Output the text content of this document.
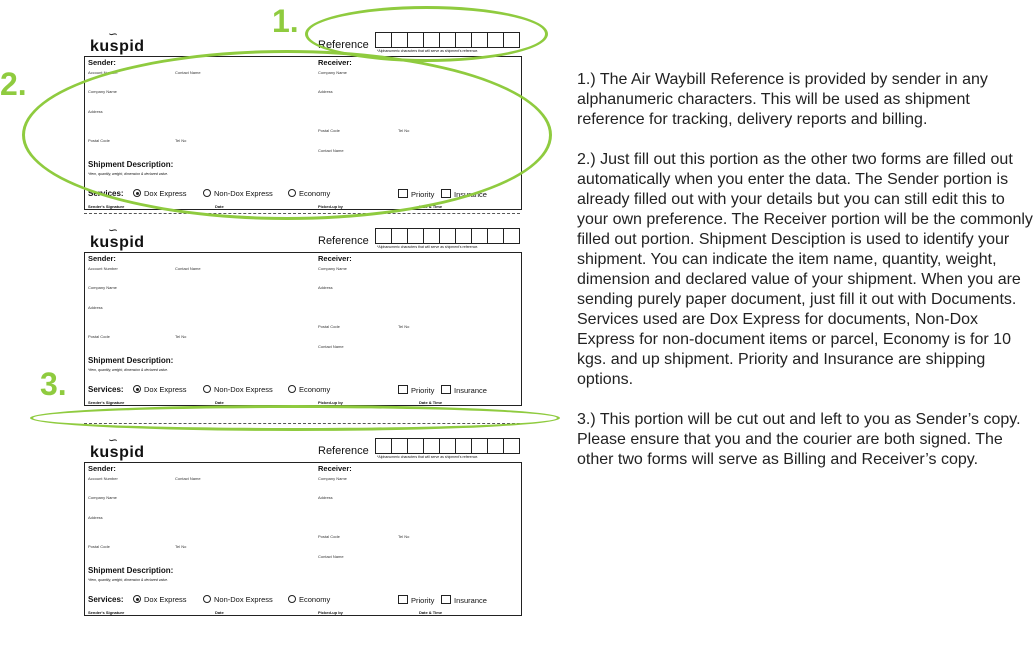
∽
kuspid	Reference *Alphanumeric characters that will serve as shipment's reference.
Sender:	Receiver:
Account Number	Contact Name	Company Name
Company Name	Address
Address
Postal Code	Tel No
Postal Code	Tel No
Contact Name
Shipment Description:
*Item, quantity, weight, dimension & declared value.
Services:	Dox Express	Non-Dox Express	Economy	Priority	Insurance
Sender's Signature	Date	Picked-up by	Date & Time
∽
kuspid	Reference *Alphanumeric characters that will serve as shipment's reference.
Sender:	Receiver:
Account Number	Contact Name	Company Name
Company Name	Address
Address
Postal Code	Tel No
Postal Code	Tel No
Contact Name
Shipment Description:
*Item, quantity, weight, dimension & declared value.
Services:	Dox Express	Non-Dox Express	Economy	Priority	Insurance
Sender's Signature	Date	Picked-up by	Date & Time
∽
kuspid	Reference *Alphanumeric characters that will serve as shipment's reference.
Sender:	Receiver:
Account Number	Contact Name	Company Name
Company Name	Address
Address
Postal Code	Tel No
Postal Code	Tel No
Contact Name
Shipment Description:
*Item, quantity, weight, dimension & declared value.
Services:	Dox Express	Non-Dox Express	Economy	Priority	Insurance
Sender's Signature	Date	Picked-up by	Date & Time
1.
2.
3.

1.) The Air Waybill Reference is provided by sender in any alphanumeric characters. This will be used as shipment reference for tracking, delivery reports and billing.

2.) Just fill out this portion as the other two forms are filled out automatically when you enter the data. The Sender portion is already filled out with your details but you can still edit this to your own preference. The Receiver portion will be the commonly filled out portion. Shipment Desciption is used to identify your shipment. You can indicate the item name, quantity, weight, dimension and declared value of your shipment. When you are sending purely paper document, just fill it out with Documents. Services used are Dox Express for documents, Non-Dox Express for non-document items or parcel, Economy is for 10 kgs. and up shipment. Priority and Insurance are shipping options.

3.) This portion will be cut out and left to you as Sender’s copy. Please ensure that you and the courier are both signed. The other two forms will serve as Billing and Receiver’s copy.
